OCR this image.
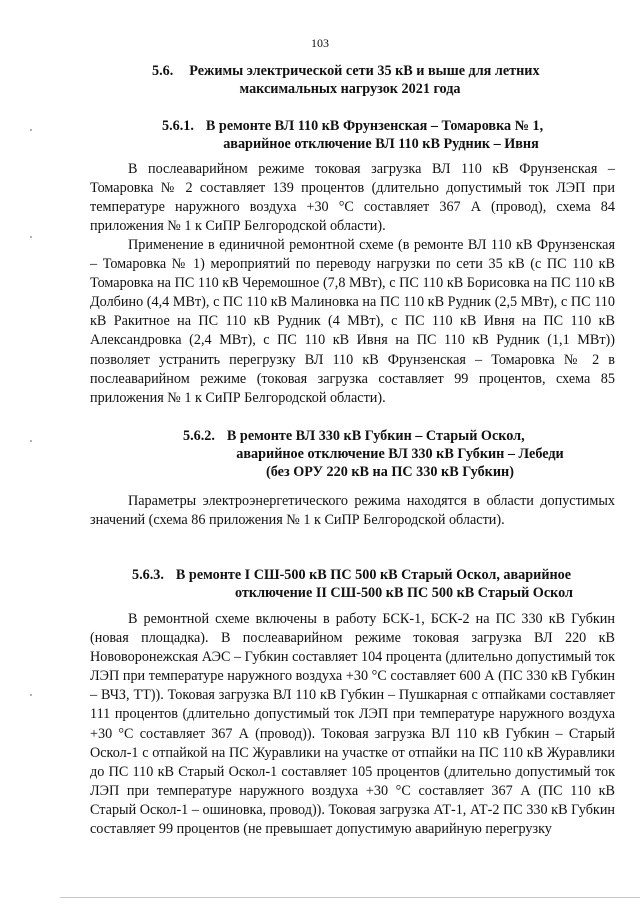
103
5.6. Режимы электрической сети 35 кВ и выше для летних
максимальных нагрузок 2021 года
5.6.1. В ремонте ВЛ 110 кВ Фрунзенская – Томаровка № 1,
аварийное отключение ВЛ 110 кВ Рудник – Ивня

В послеаварийном режиме токовая загрузка ВЛ 110 кВ Фрунзенская – Томаровка № 2 составляет 139 процентов (длительно допустимый ток ЛЭП при температуре наружного воздуха +30 °С составляет 367 А (провод), схема 84 приложения № 1 к СиПР Белгородской области).

Применение в единичной ремонтной схеме (в ремонте ВЛ 110 кВ Фрунзенская – Томаровка № 1) мероприятий по переводу нагрузки по сети 35 кВ (с ПС 110 кВ Томаровка на ПС 110 кВ Черемошное (7,8 МВт), с ПС 110 кВ Борисовка на ПС 110 кВ Долбино (4,4 МВт), с ПС 110 кВ Малиновка на ПС 110 кВ Рудник (2,5 МВт), с ПС 110 кВ Ракитное на ПС 110 кВ Рудник (4 МВт), с ПС 110 кВ Ивня на ПС 110 кВ Александровка (2,4 МВт), с ПС 110 кВ Ивня на ПС 110 кВ Рудник (1,1 МВт)) позволяет устранить перегрузку ВЛ 110 кВ Фрунзенская – Томаровка № 2 в послеаварийном режиме (токовая загрузка составляет 99 процентов, схема 85 приложения № 1 к СиПР Белгородской области).

5.6.2. В ремонте ВЛ 330 кВ Губкин – Старый Оскол,
аварийное отключение ВЛ 330 кВ Губкин – Лебеди
(без ОРУ 220 кВ на ПС 330 кВ Губкин)

Параметры электроэнергетического режима находятся в области допустимых значений (схема 86 приложения № 1 к СиПР Белгородской области).

5.6.3. В ремонте I СШ-500 кВ ПС 500 кВ Старый Оскол, аварийное
отключение II СШ-500 кВ ПС 500 кВ Старый Оскол

В ремонтной схеме включены в работу БСК-1, БСК-2 на ПС 330 кВ Губкин (новая площадка). В послеаварийном режиме токовая загрузка ВЛ 220 кВ Нововоронежская АЭС – Губкин составляет 104 процента (длительно допустимый ток ЛЭП при температуре наружного воздуха +30 °С составляет 600 А (ПС 330 кВ Губкин – ВЧЗ, ТТ)). Токовая загрузка ВЛ 110 кВ Губкин – Пушкарная с отпайками составляет 111 процентов (длительно допустимый ток ЛЭП при температуре наружного воздуха +30 °С составляет 367 А (провод)). Токовая загрузка ВЛ 110 кВ Губкин – Старый Оскол-1 с отпайкой на ПС Журавлики на участке от отпайки на ПС 110 кВ Журавлики до ПС 110 кВ Старый Оскол-1 составляет 105 процентов (длительно допустимый ток ЛЭП при температуре наружного воздуха +30 °С составляет 367 А (ПС 110 кВ Старый Оскол-1 – ошиновка, провод)). Токовая загрузка АТ-1, АТ-2 ПС 330 кВ Губкин составляет 99 процентов (не превышает допустимую аварийную перегрузку
